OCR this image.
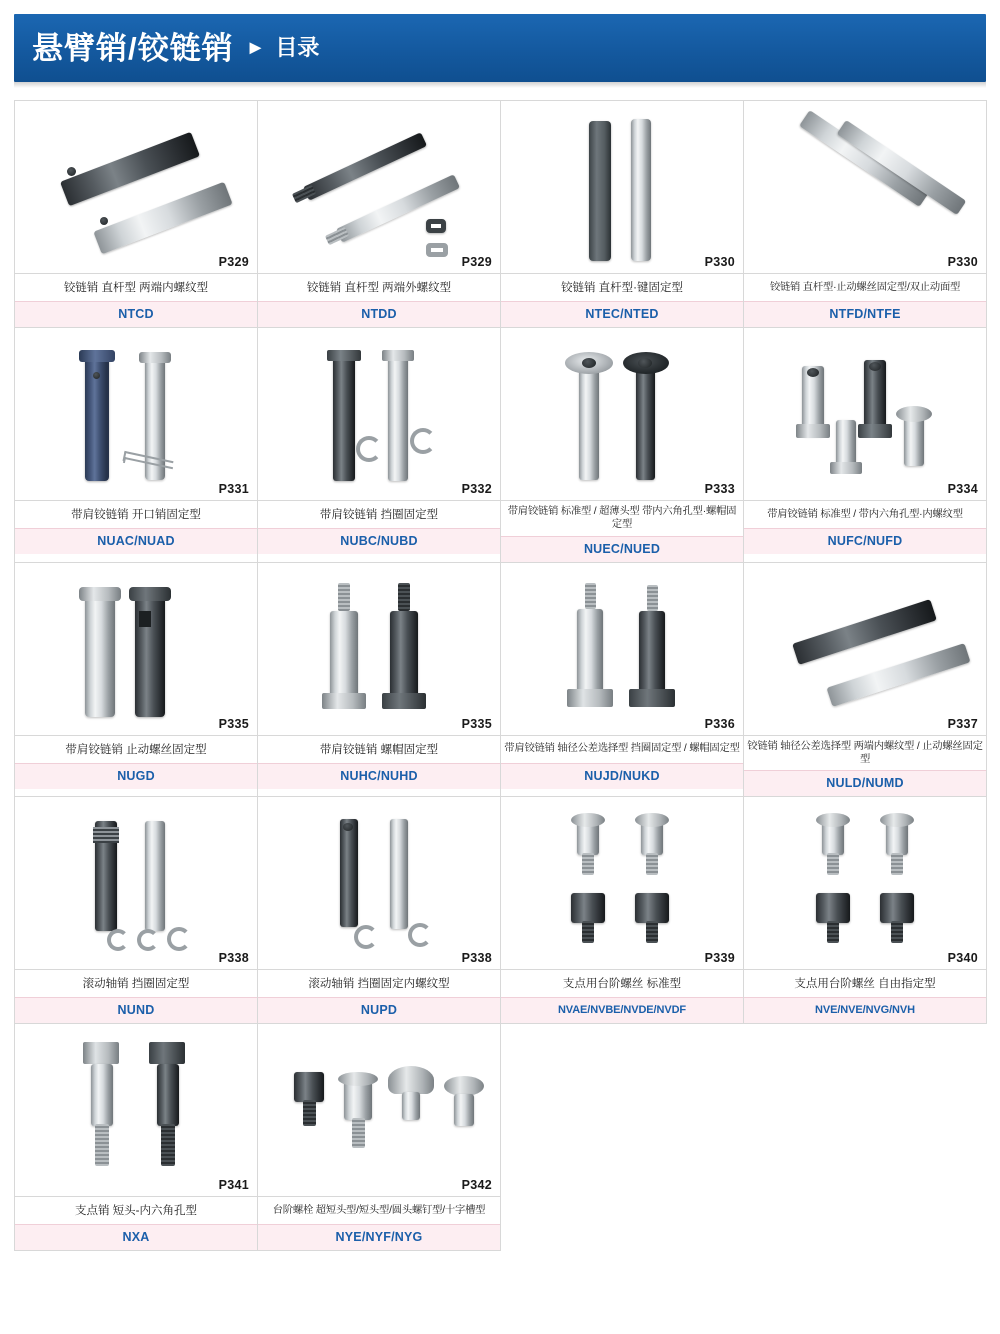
悬臂销/铰链销 ► 目录
P329
铰链销 直杆型 两端内螺纹型
NTCD
P329
铰链销 直杆型 两端外螺纹型
NTDD
P330
铰链销 直杆型·键固定型
NTEC/NTED
P330
铰链销 直杆型·止动螺丝固定型/双止动面型
NTFD/NTFE
P331
带肩铰链销 开口销固定型
NUAC/NUAD
P332
带肩铰链销 挡圈固定型
NUBC/NUBD
P333
带肩铰链销 标准型 / 超薄头型 带内六角孔型·螺帽固定型
NUEC/NUED
P334
带肩铰链销 标准型 / 带内六角孔型·内螺纹型
NUFC/NUFD
P335
带肩铰链销 止动螺丝固定型
NUGD
P335
带肩铰链销 螺帽固定型
NUHC/NUHD
P336
带肩铰链销 轴径公差选择型 挡圈固定型 / 螺帽固定型
NUJD/NUKD
P337
铰链销 轴径公差选择型 两端内螺纹型 / 止动螺丝固定型
NULD/NUMD
P338
滚动轴销 挡圈固定型
NUND
P338
滚动轴销 挡圈固定内螺纹型
NUPD
P339
支点用台阶螺丝 标准型
NVAE/NVBE/NVDE/NVDF
P340
支点用台阶螺丝 自由指定型
NVE/NVE/NVG/NVH
P341
支点销 短头-内六角孔型
NXA
P342
台阶螺栓 超短头型/短头型/圆头螺钉型/十字槽型
NYE/NYF/NYG
